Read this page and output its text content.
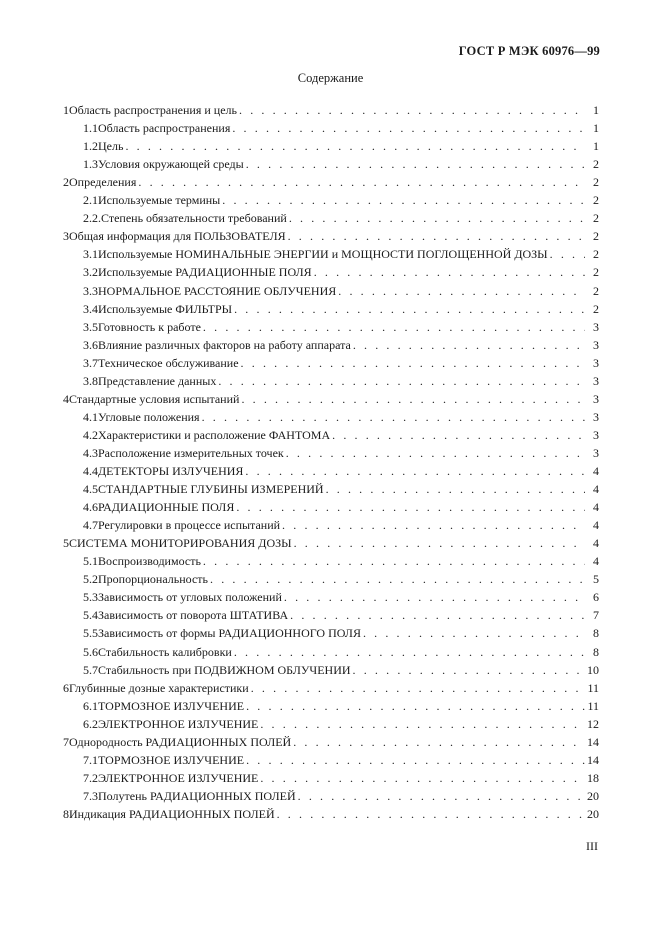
ГОСТ Р МЭК 60976—99
Содержание
1 Область распространения и цель . . .	1
1.1 Область распространения . . .	1
1.2 Цель . . .	1
1.3 Условия окружающей среды . . .	2
2 Определения . . .	2
2.1 Используемые термины . . .	2
2.2. Степень обязательности требований . . .	2
3 Общая информация для ПОЛЬЗОВАТЕЛЯ . . .	2
3.1 Используемые НОМИНАЛЬНЫЕ ЭНЕРГИИ и МОЩНОСТИ ПОГЛОЩЕННОЙ ДОЗЫ . . .	2
3.2 Используемые РАДИАЦИОННЫЕ ПОЛЯ . . .	2
3.3 НОРМАЛЬНОЕ РАССТОЯНИЕ ОБЛУЧЕНИЯ . . .	2
3.4 Используемые ФИЛЬТРЫ . . .	2
3.5 Готовность к работе . . .	3
3.6 Влияние различных факторов на работу аппарата . . .	3
3.7 Техническое обслуживание . . .	3
3.8 Представление данных . . .	3
4 Стандартные условия испытаний . . .	3
4.1 Угловые положения . . .	3
4.2 Характеристики и расположение ФАНТОМА . . .	3
4.3 Расположение измерительных точек . . .	3
4.4 ДЕТЕКТОРЫ ИЗЛУЧЕНИЯ . . .	4
4.5 СТАНДАРТНЫЕ ГЛУБИНЫ ИЗМЕРЕНИЙ . . .	4
4.6 РАДИАЦИОННЫЕ ПОЛЯ . . .	4
4.7 Регулировки в процессе испытаний . . .	4
5 СИСТЕМА МОНИТОРИРОВАНИЯ ДОЗЫ . . .	4
5.1 Воспроизводимость . . .	4
5.2 Пропорциональность . . .	5
5.3 Зависимость от угловых положений . . .	6
5.4 Зависимость от поворота ШТАТИВА . . .	7
5.5 Зависимость от формы РАДИАЦИОННОГО ПОЛЯ . . .	8
5.6 Стабильность калибровки . . .	8
5.7 Стабильность при ПОДВИЖНОМ ОБЛУЧЕНИИ . . .	10
6 Глубинные дозные характеристики . . .	11
6.1 ТОРМОЗНОЕ ИЗЛУЧЕНИЕ . . .	11
6.2 ЭЛЕКТРОННОЕ ИЗЛУЧЕНИЕ . . .	12
7 Однородность РАДИАЦИОННЫХ ПОЛЕЙ . . .	14
7.1 ТОРМОЗНОЕ ИЗЛУЧЕНИЕ . . .	14
7.2 ЭЛЕКТРОННОЕ ИЗЛУЧЕНИЕ . . .	18
7.3 Полутень РАДИАЦИОННЫХ ПОЛЕЙ . . .	20
8 Индикация РАДИАЦИОННЫХ ПОЛЕЙ . . .	20
III
